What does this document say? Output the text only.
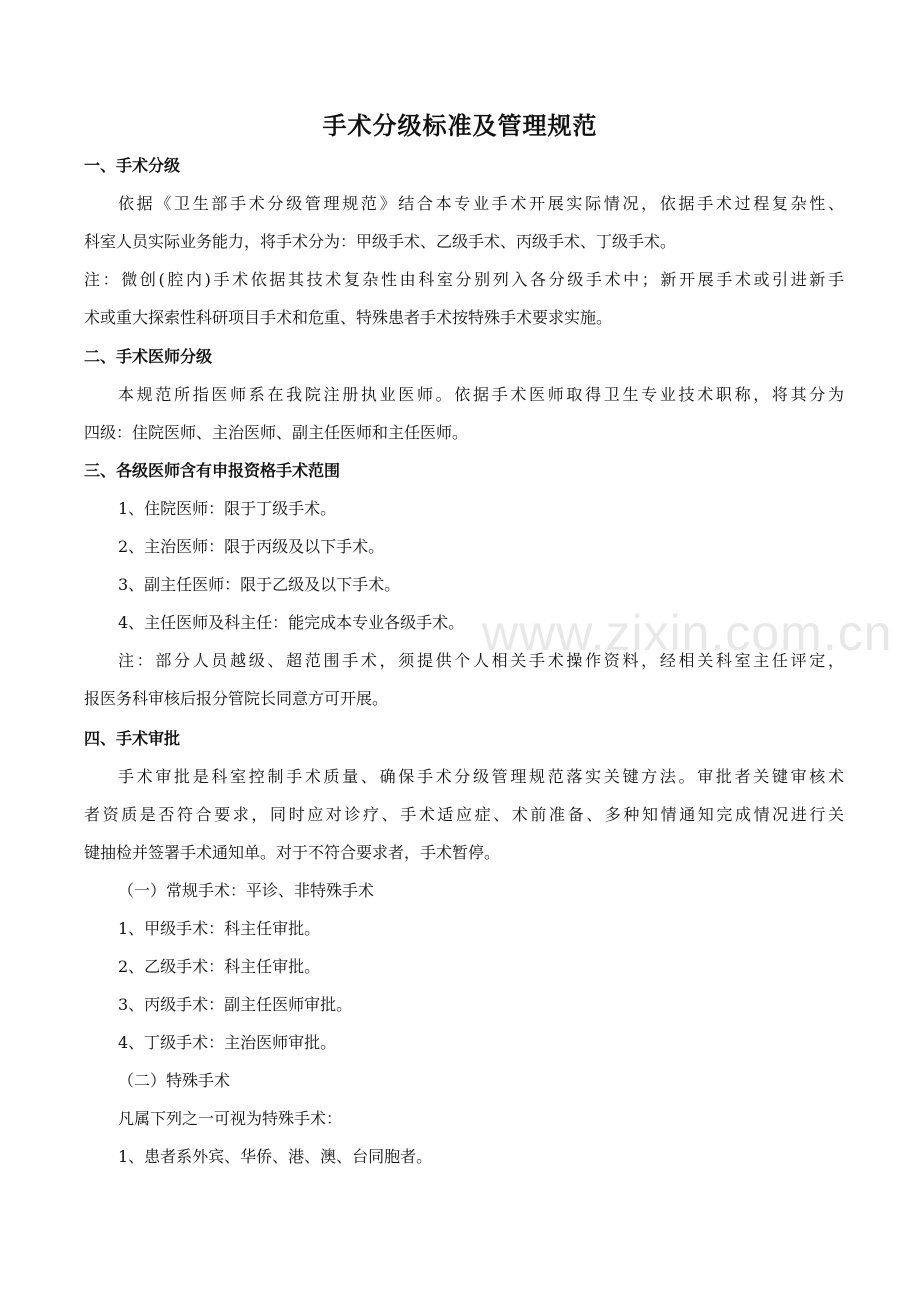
手术分级标准及管理规范
一、手术分级
依据《卫生部手术分级管理规范》结合本专业手术开展实际情况，依据手术过程复杂性、
科室人员实际业务能力，将手术分为：甲级手术、乙级手术、丙级手术、丁级手术。
注：微创(腔内)手术依据其技术复杂性由科室分别列入各分级手术中；新开展手术或引进新手
术或重大探索性科研项目手术和危重、特殊患者手术按特殊手术要求实施。
二、手术医师分级
本规范所指医师系在我院注册执业医师。依据手术医师取得卫生专业技术职称，将其分为
四级：住院医师、主治医师、副主任医师和主任医师。
三、各级医师含有申报资格手术范围
1、住院医师：限于丁级手术。
2、主治医师：限于丙级及以下手术。
3、副主任医师：限于乙级及以下手术。
4、主任医师及科主任：能完成本专业各级手术。
注：部分人员越级、超范围手术，须提供个人相关手术操作资料，经相关科室主任评定，
报医务科审核后报分管院长同意方可开展。
四、手术审批
手术审批是科室控制手术质量、确保手术分级管理规范落实关键方法。审批者关键审核术
者资质是否符合要求，同时应对诊疗、手术适应症、术前准备、多种知情通知完成情况进行关
键抽检并签署手术通知单。对于不符合要求者，手术暂停。
（一）常规手术：平诊、非特殊手术
1、甲级手术：科主任审批。
2、乙级手术：科主任审批。
3、丙级手术：副主任医师审批。
4、丁级手术：主治医师审批。
（二）特殊手术
凡属下列之一可视为特殊手术：
1、患者系外宾、华侨、港、澳、台同胞者。
www.zixin.com.cn
